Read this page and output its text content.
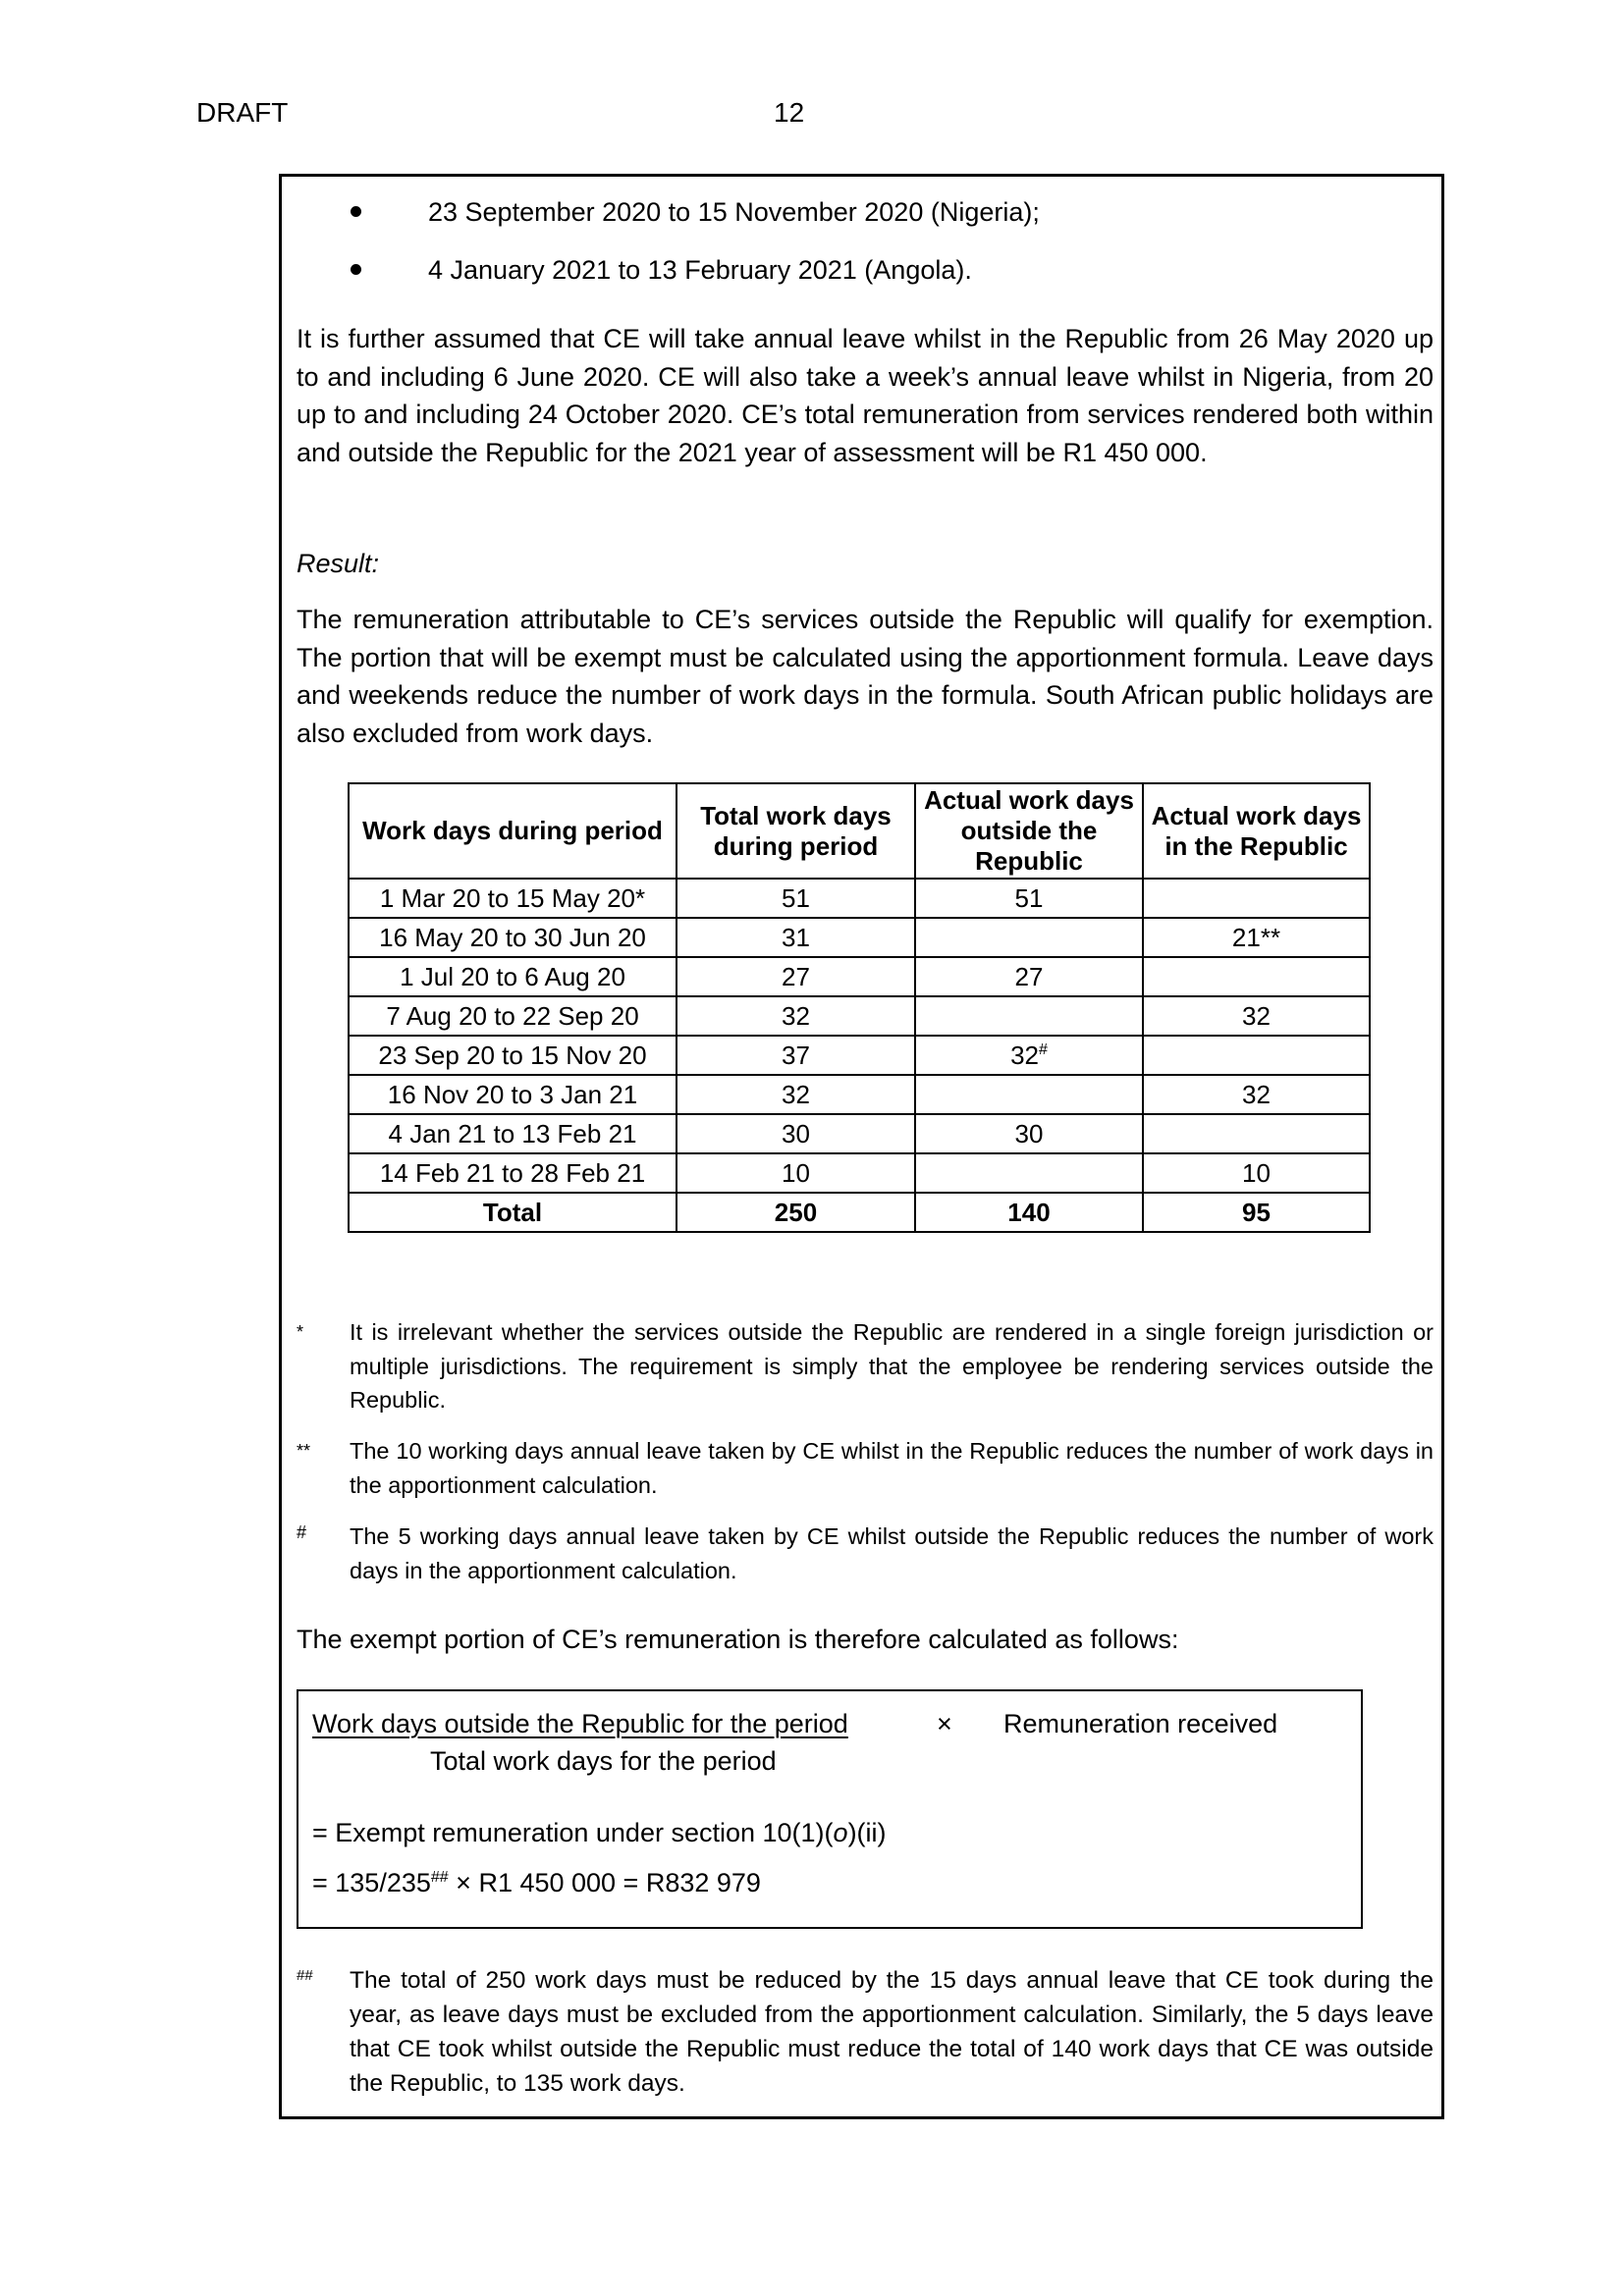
DRAFT	12
23 September 2020 to 15 November 2020 (Nigeria);
4 January 2021 to 13 February 2021 (Angola).
It is further assumed that CE will take annual leave whilst in the Republic from 26 May 2020 up to and including 6 June 2020. CE will also take a week’s annual leave whilst in Nigeria, from 20 up to and including 24 October 2020. CE’s total remuneration from services rendered both within and outside the Republic for the 2021 year of assessment will be R1 450 000.
Result:
The remuneration attributable to CE’s services outside the Republic will qualify for exemption. The portion that will be exempt must be calculated using the apportionment formula. Leave days and weekends reduce the number of work days in the formula. South African public holidays are also excluded from work days.
Work days during period	Total work days during period	Actual work days outside the Republic	Actual work days in the Republic
1 Mar 20 to 15 May 20*	51	51	
16 May 20 to 30 Jun 20	31		21**
1 Jul 20 to 6 Aug 20	27	27	
7 Aug 20 to 22 Sep 20	32		32
23 Sep 20 to 15 Nov 20	37	32#	
16 Nov 20 to 3 Jan 21	32		32
4 Jan 21 to 13 Feb 21	30	30	
14 Feb 21 to 28 Feb 21	10		10
Total	250	140	95
* It is irrelevant whether the services outside the Republic are rendered in a single foreign jurisdiction or multiple jurisdictions. The requirement is simply that the employee be rendering services outside the Republic.
** The 10 working days annual leave taken by CE whilst in the Republic reduces the number of work days in the apportionment calculation.
# The 5 working days annual leave taken by CE whilst outside the Republic reduces the number of work days in the apportionment calculation.
The exempt portion of CE’s remuneration is therefore calculated as follows:
Work days outside the Republic for the period	× Remuneration received
Total work days for the period
= Exempt remuneration under section 10(1)(o)(ii)
= 135/235## × R1 450 000 = R832 979
## The total of 250 work days must be reduced by the 15 days annual leave that CE took during the year, as leave days must be excluded from the apportionment calculation. Similarly, the 5 days leave that CE took whilst outside the Republic must reduce the total of 140 work days that CE was outside the Republic, to 135 work days.
